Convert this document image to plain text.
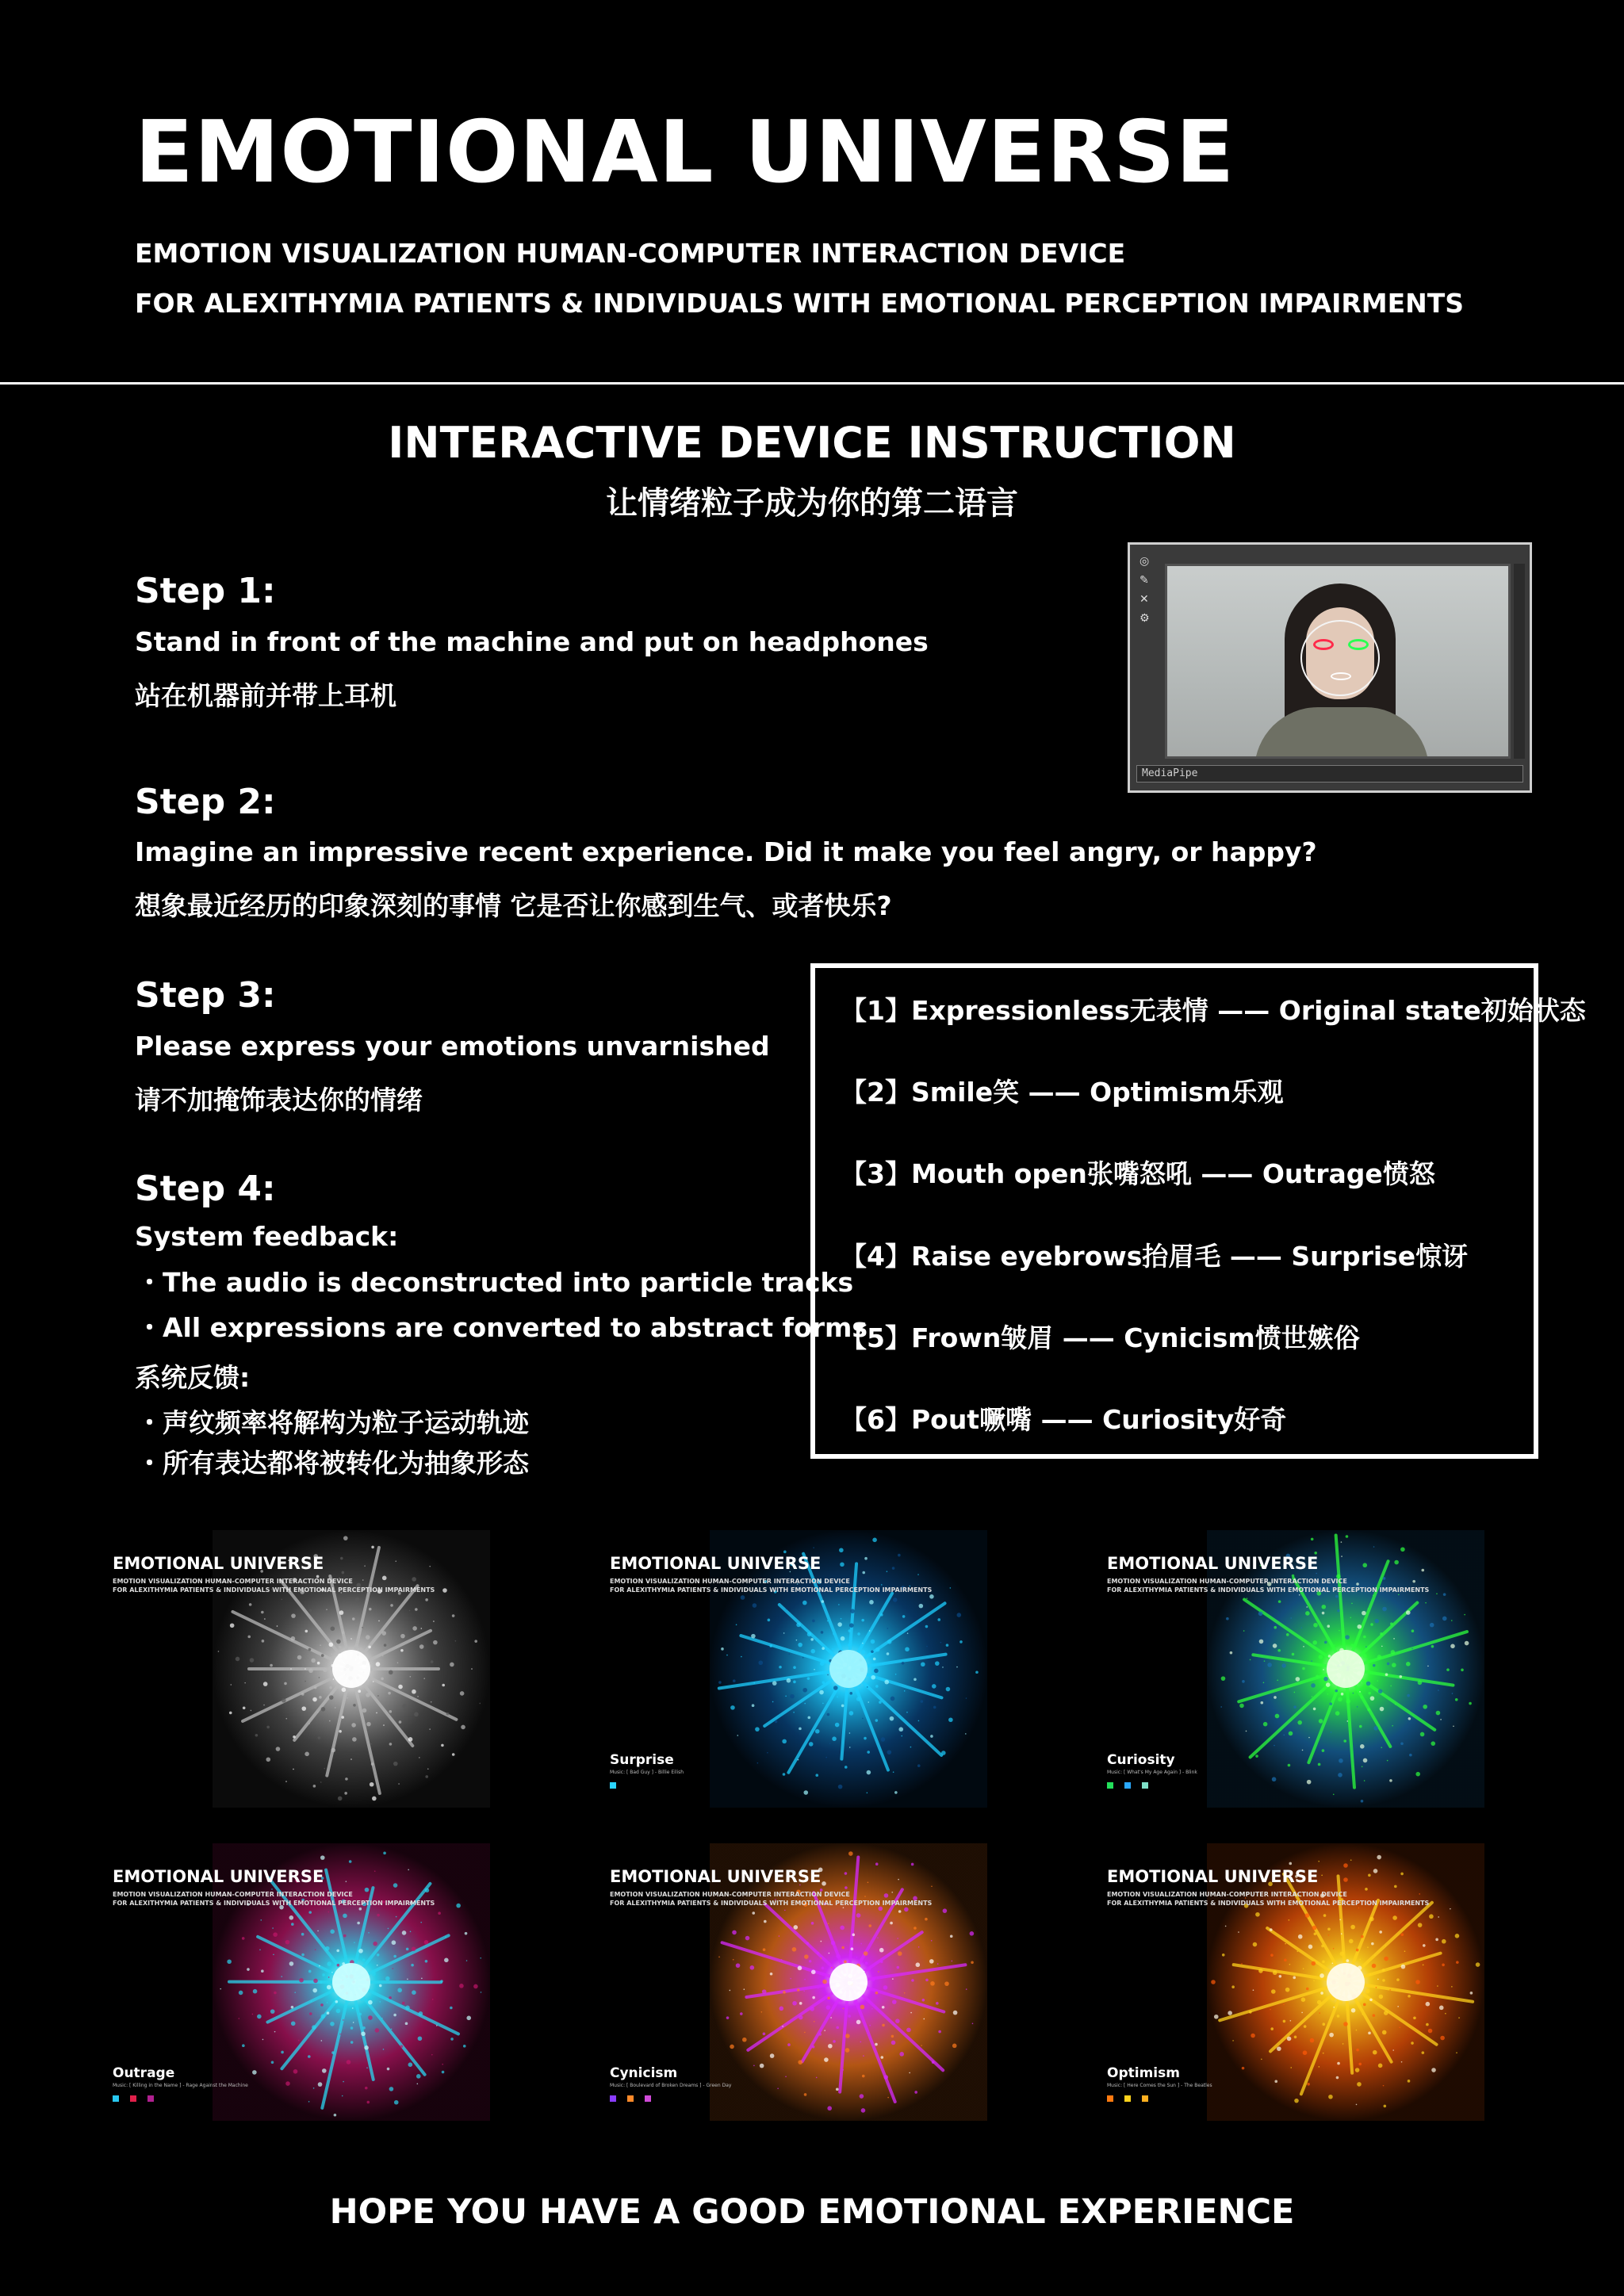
EMOTIONAL UNIVERSE
EMOTION VISUALIZATION HUMAN-COMPUTER INTERACTION DEVICE
FOR ALEXITHYMIA PATIENTS & INDIVIDUALS WITH EMOTIONAL PERCEPTION IMPAIRMENTS
INTERACTIVE DEVICE INSTRUCTION
让情绪粒子成为你的第二语言
Step 1:
Stand in front of the machine and put on headphones
站在机器前并带上耳机
Step 2:
Imagine an impressive recent experience. Did it make you feel angry, or happy?
想象最近经历的印象深刻的事情 它是否让你感到生气、或者快乐?
Step 3:
Please express your emotions unvarnished
请不加掩饰表达你的情绪
Step 4:
System feedback:
・The audio is deconstructed into particle tracks
・All expressions are converted to abstract forms
系统反馈:
・声纹频率将解构为粒子运动轨迹
・所有表达都将被转化为抽象形态
◎
✎
✕
⚙
MediaPipe
【1】Expressionless无表情 —— Original state初始状态
【2】Smile笑 —— Optimism乐观
【3】Mouth open张嘴怒吼 —— Outrage愤怒
【4】Raise eyebrows抬眉毛 —— Surprise惊讶
【5】Frown皱眉 —— Cynicism愤世嫉俗
【6】Pout噘嘴 —— Curiosity好奇
EMOTIONAL UNIVERSE
EMOTION VISUALIZATION HUMAN-COMPUTER INTERACTION DEVICE
FOR ALEXITHYMIA PATIENTS & INDIVIDUALS WITH EMOTIONAL PERCEPTION IMPAIRMENTS
EMOTIONAL UNIVERSE
EMOTION VISUALIZATION HUMAN-COMPUTER INTERACTION DEVICE
FOR ALEXITHYMIA PATIENTS & INDIVIDUALS WITH EMOTIONAL PERCEPTION IMPAIRMENTS
Surprise
Music: [ Bad Guy ] - Billie Eilish
EMOTIONAL UNIVERSE
EMOTION VISUALIZATION HUMAN-COMPUTER INTERACTION DEVICE
FOR ALEXITHYMIA PATIENTS & INDIVIDUALS WITH EMOTIONAL PERCEPTION IMPAIRMENTS
Curiosity
Music: [ What's My Age Again ] - Blink
EMOTIONAL UNIVERSE
EMOTION VISUALIZATION HUMAN-COMPUTER INTERACTION DEVICE
FOR ALEXITHYMIA PATIENTS & INDIVIDUALS WITH EMOTIONAL PERCEPTION IMPAIRMENTS
Outrage
Music: [ Killing in the Name ] - Rage Against the Machine
EMOTIONAL UNIVERSE
EMOTION VISUALIZATION HUMAN-COMPUTER INTERACTION DEVICE
FOR ALEXITHYMIA PATIENTS & INDIVIDUALS WITH EMOTIONAL PERCEPTION IMPAIRMENTS
Cynicism
Music: [ Boulevard of Broken Dreams ] - Green Day
EMOTIONAL UNIVERSE
EMOTION VISUALIZATION HUMAN-COMPUTER INTERACTION DEVICE
FOR ALEXITHYMIA PATIENTS & INDIVIDUALS WITH EMOTIONAL PERCEPTION IMPAIRMENTS
Optimism
Music: [ Here Comes the Sun ] - The Beatles
HOPE YOU HAVE A GOOD EMOTIONAL EXPERIENCE
